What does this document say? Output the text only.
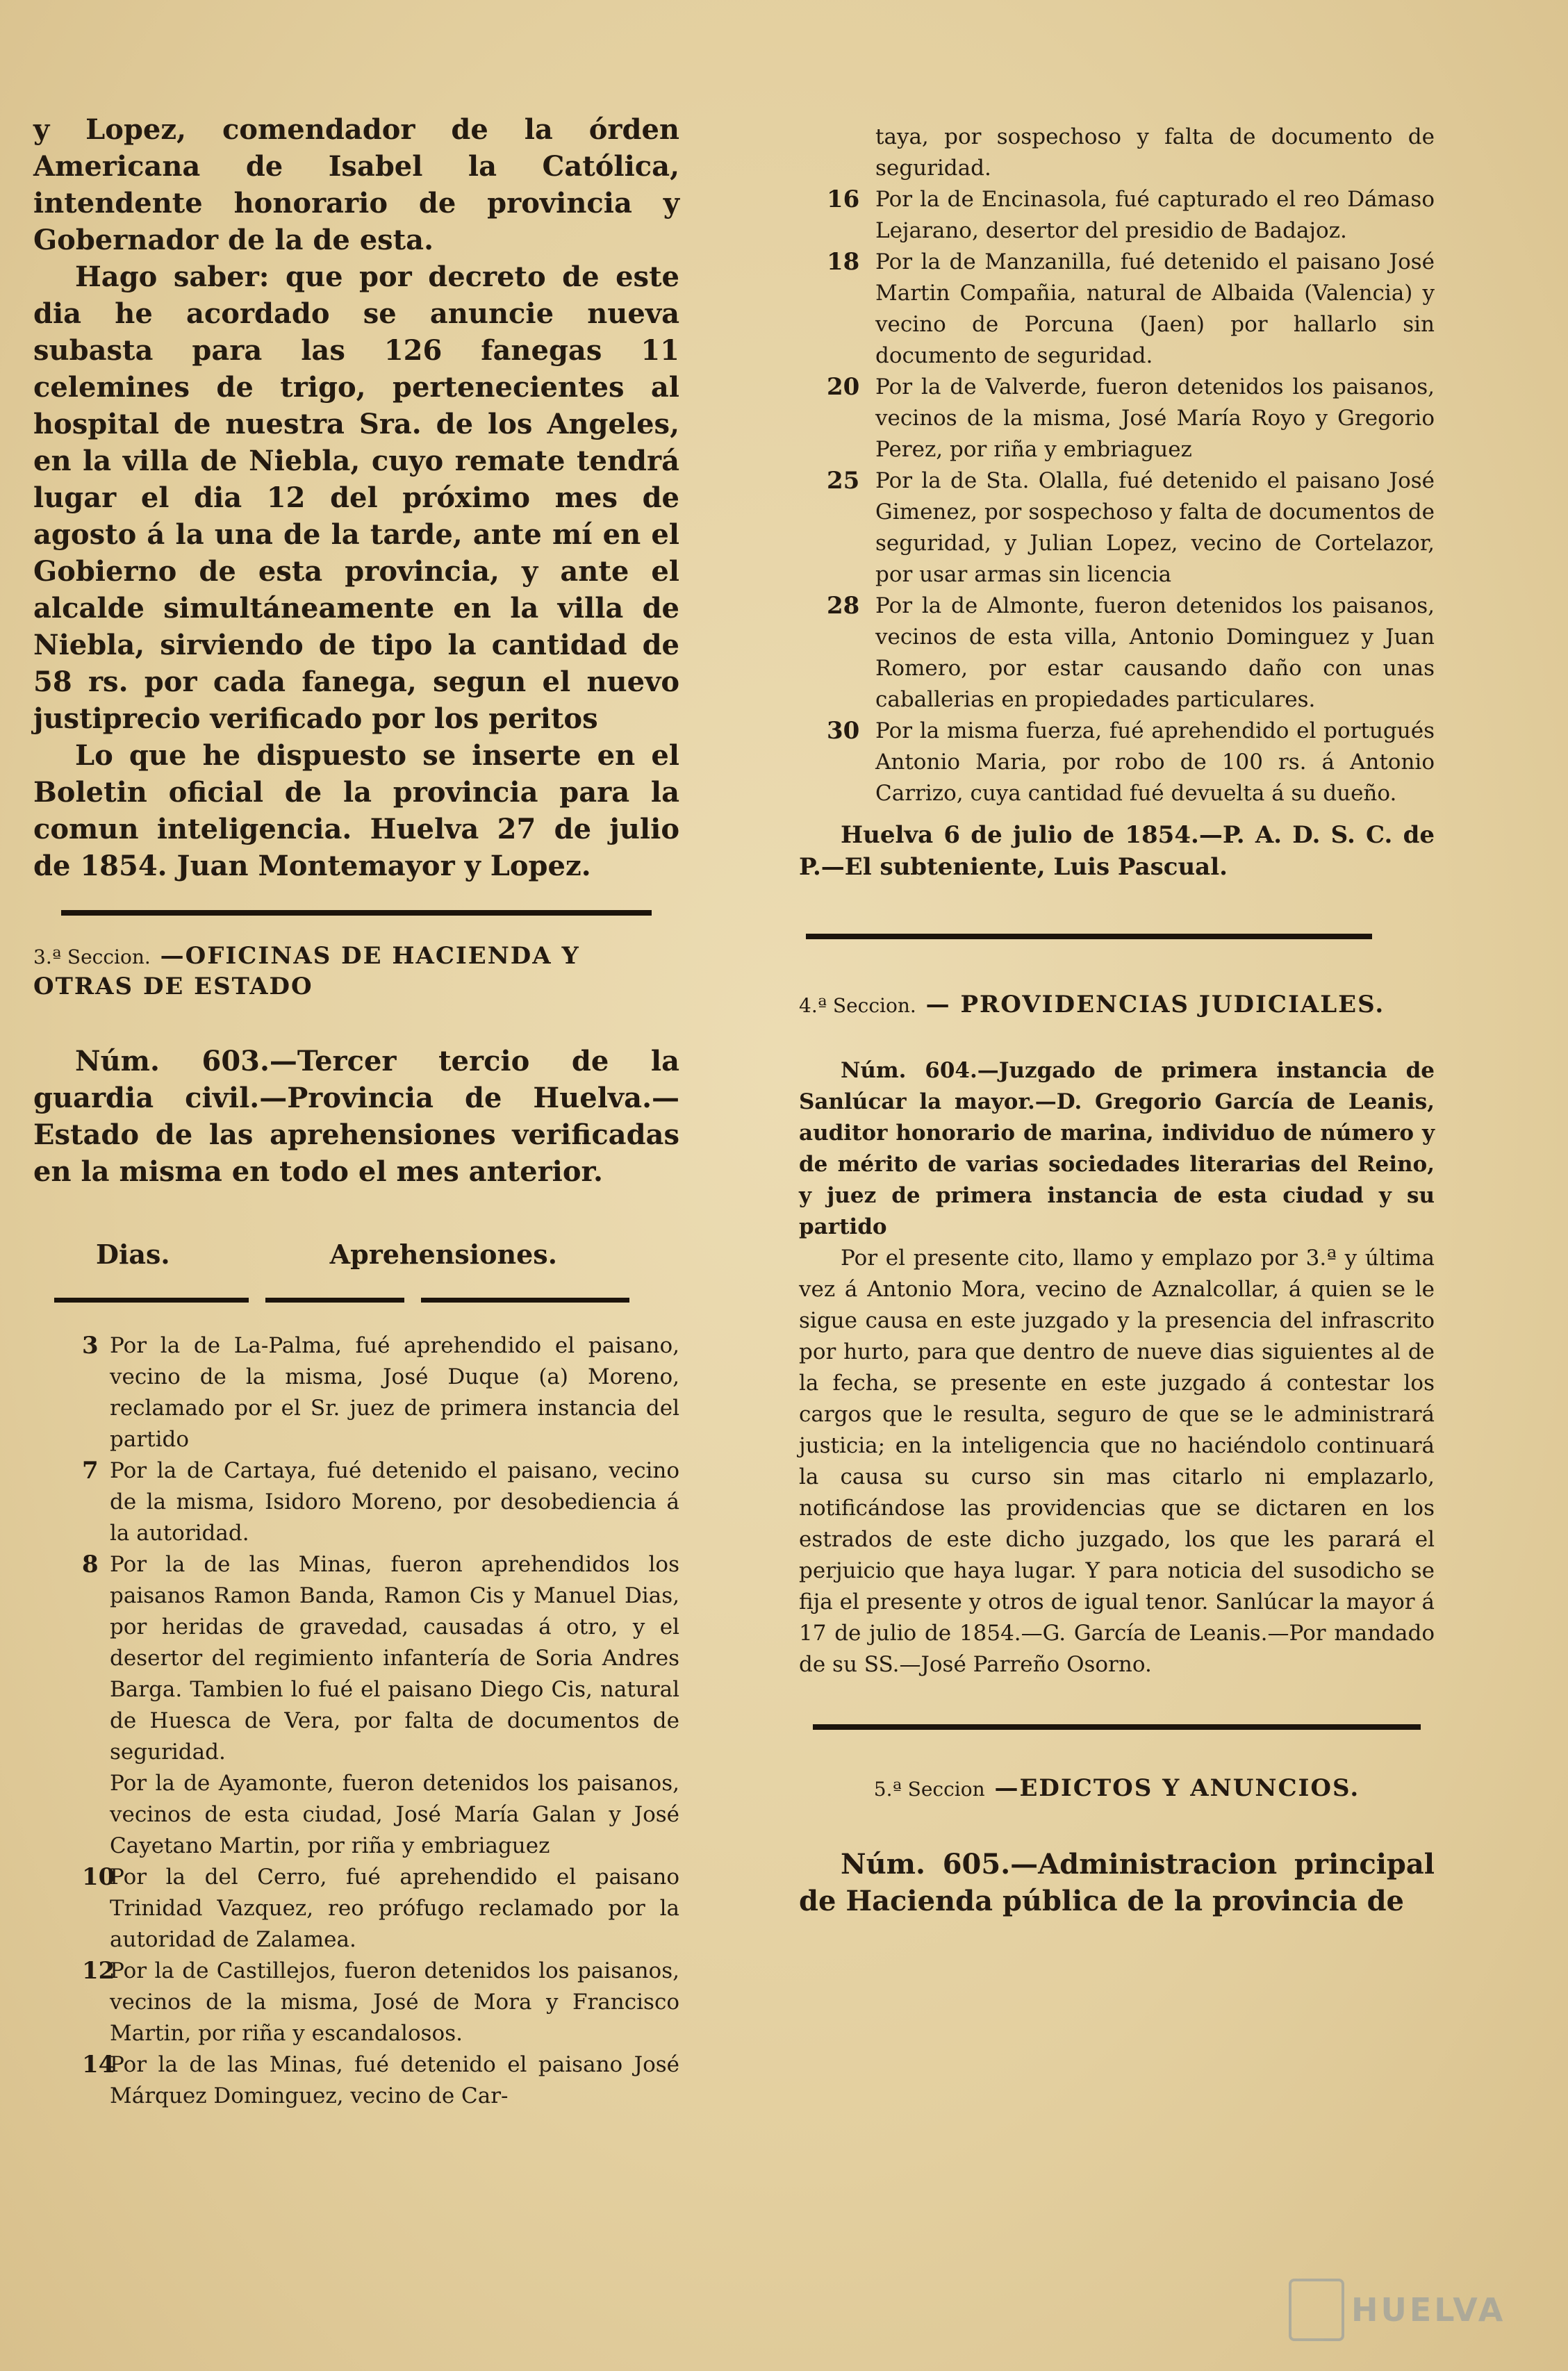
y Lopez, comendador de la órden Americana de Isabel la Católica, intendente honorario de provincia y Gobernador de la de esta.

Hago saber: que por decreto de este dia he acordado se anuncie nueva subasta para las 126 fanegas 11 celemines de trigo, pertenecientes al hospital de nuestra Sra. de los Angeles, en la villa de Niebla, cuyo remate tendrá lugar el dia 12 del próximo mes de agosto á la una de la tarde, ante mí en el Gobierno de esta provincia, y ante el alcalde simultáneamente en la villa de Niebla, sirviendo de tipo la cantidad de 58 rs. por cada fanega, segun el nuevo justiprecio verificado por los peritos

Lo que he dispuesto se inserte en el Boletin oficial de la provincia para la comun inteligencia. Huelva 27 de julio de 1854. Juan Montemayor y Lopez.

3.ª Seccion. —OFICINAS DE HACIENDA Y OTRAS DE ESTADO

Núm. 603.—Tercer tercio de la guardia civil.—Provincia de Huelva.—Estado de las aprehensiones verificadas en la misma en todo el mes anterior.

Dias.	Aprehensiones.
3 Por la de La-Palma, fué aprehendido el paisano, vecino de la misma, José Duque (a) Moreno, reclamado por el Sr. juez de primera instancia del partido
7 Por la de Cartaya, fué detenido el paisano, vecino de la misma, Isidoro Moreno, por desobediencia á la autoridad.
8 Por la de las Minas, fueron aprehendidos los paisanos Ramon Banda, Ramon Cis y Manuel Dias, por heridas de gravedad, causadas á otro, y el desertor del regimiento infantería de Soria Andres Barga. Tambien lo fué el paisano Diego Cis, natural de Huesca de Vera, por falta de documentos de seguridad.
Por la de Ayamonte, fueron detenidos los paisanos, vecinos de esta ciudad, José María Galan y José Cayetano Martin, por riña y embriaguez
10
Por la del Cerro, fué aprehendido el paisano Trinidad Vazquez, reo prófugo reclamado por la autoridad de Zalamea.
12
Por la de Castillejos, fueron detenidos los paisanos, vecinos de la misma, José de Mora y Francisco Martin, por riña y escandalosos.
14
Por la de las Minas, fué detenido el paisano José Márquez Dominguez, vecino de Car-
taya, por sospechoso y falta de documento de seguridad.
16 Por la de Encinasola, fué capturado el reo Dámaso Lejarano, desertor del presidio de Badajoz.
18 Por la de Manzanilla, fué detenido el paisano José Martin Compañia, natural de Albaida (Valencia) y vecino de Porcuna (Jaen) por hallarlo sin documento de seguridad.
20 Por la de Valverde, fueron detenidos los paisanos, vecinos de la misma, José María Royo y Gregorio Perez, por riña y embriaguez
25 Por la de Sta. Olalla, fué detenido el paisano José Gimenez, por sospechoso y falta de documentos de seguridad, y Julian Lopez, vecino de Cortelazor, por usar armas sin licencia
28 Por la de Almonte, fueron detenidos los paisanos, vecinos de esta villa, Antonio Dominguez y Juan Romero, por estar causando daño con unas caballerias en propiedades particulares.
30 Por la misma fuerza, fué aprehendido el portugués Antonio Maria, por robo de 100 rs. á Antonio Carrizo, cuya cantidad fué devuelta á su dueño.

Huelva 6 de julio de 1854.—P. A. D. S. C. de P.—El subteniente, Luis Pascual.

4.ª Seccion. — PROVIDENCIAS JUDICIALES.

Núm. 604.—Juzgado de primera instancia de Sanlúcar la mayor.—D. Gregorio García de Leanis, auditor honorario de marina, individuo de número y de mérito de varias sociedades literarias del Reino, y juez de primera instancia de esta ciudad y su partido

Por el presente cito, llamo y emplazo por 3.ª y última vez á Antonio Mora, vecino de Aznalcollar, á quien se le sigue causa en este juzgado y la presencia del infrascrito por hurto, para que dentro de nueve dias siguientes al de la fecha, se presente en este juzgado á contestar los cargos que le resulta, seguro de que se le administrará justicia; en la inteligencia que no haciéndolo continuará la causa su curso sin mas citarlo ni emplazarlo, notificándose las providencias que se dictaren en los estrados de este dicho juzgado, los que les parará el perjuicio que haya lugar. Y para noticia del susodicho se fija el presente y otros de igual tenor. Sanlúcar la mayor á 17 de julio de 1854.—G. García de Leanis.—Por mandado de su SS.—José Parreño Osorno.

5.ª Seccion —EDICTOS Y ANUNCIOS.

Núm. 605.—Administracion principal de Hacienda pública de la provincia de

HUELVA
